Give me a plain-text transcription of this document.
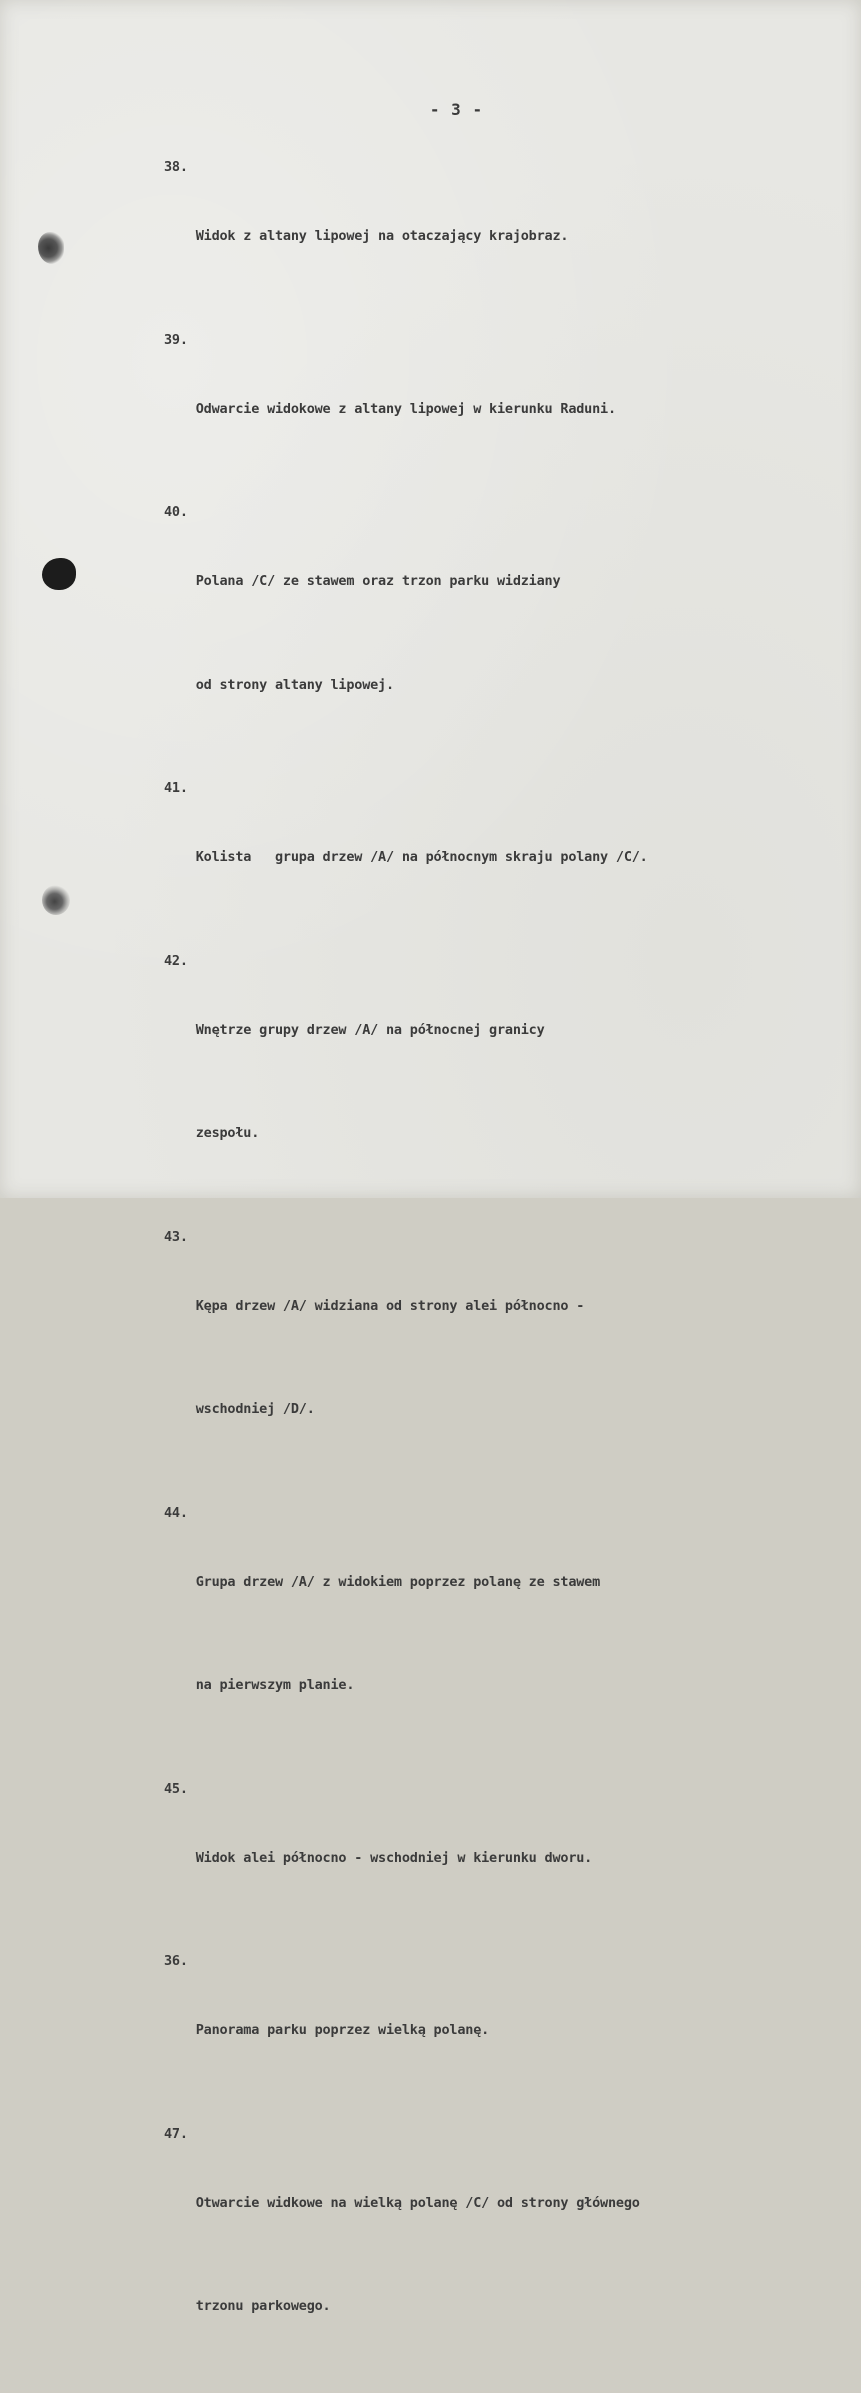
- 3 -
38.

Widok z altany lipowej na otaczający krajobraz.

39.

Odwarcie widokowe z altany lipowej w kierunku Raduni.

40.

Polana /C/ ze stawem oraz trzon parku widziany

od strony altany lipowej.

41.

Kolista   grupa drzew /A/ na północnym skraju polany /C/.

42.

Wnętrze grupy drzew /A/ na północnej granicy

zespołu.

43.

Kępa drzew /A/ widziana od strony alei północno -

wschodniej /D/.

44.

Grupa drzew /A/ z widokiem poprzez polanę ze stawem

na pierwszym planie.

45.

Widok alei północno - wschodniej w kierunku dworu.

36.

Panorama parku poprzez wielką polanę.

47.

Otwarcie widkowe na wielką polanę /C/ od strony głównego

trzonu parkowego.
